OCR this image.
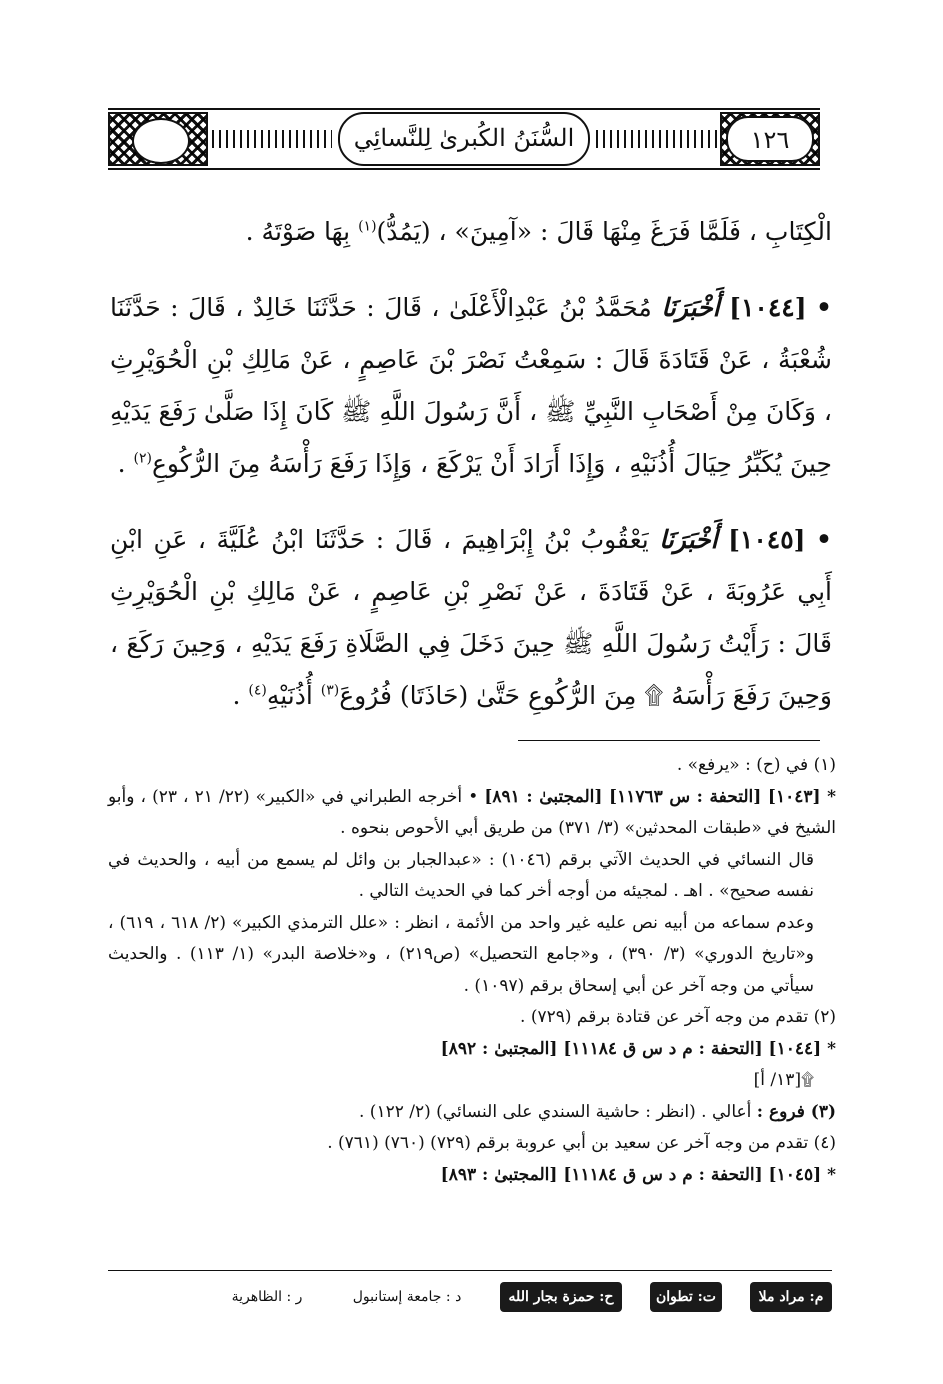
السُّنَنُ الكُبرىٰ لِلنَّسائِي	١٢٦

الْكِتَابِ ، فَلَمَّا فَرَغَ مِنْهَا قَالَ : «آمِينَ» ، (يَمُدُّ)$^{(١)}$ بِهَا صَوْتَهُ .

• [١٠٤٤] أَخْبَرَنَا مُحَمَّدُ بْنُ عَبْدِالْأَعْلَىٰ ، قَالَ : حَدَّثَنَا خَالِدٌ ، قَالَ : حَدَّثَنَا شُعْبَةُ ، عَنْ قَتَادَةَ قَالَ : سَمِعْتُ نَصْرَ بْنَ عَاصِمٍ ، عَنْ مَالِكِ بْنِ الْحُوَيْرِثِ ، وَكَانَ مِنْ أَصْحَابِ النَّبِيِّ ﷺ ، أَنَّ رَسُولَ اللَّهِ ﷺ كَانَ إِذَا صَلَّىٰ رَفَعَ يَدَيْهِ حِينَ يُكَبِّرُ حِيَالَ أُذُنَيْهِ ، وَإِذَا أَرَادَ أَنْ يَرْكَعَ ، وَإِذَا رَفَعَ رَأْسَهُ مِنَ الرُّكُوعِ$^{(٢)}$ .

• [١٠٤٥] أَخْبَرَنَا يَعْقُوبُ بْنُ إِبْرَاهِيمَ ، قَالَ : حَدَّثَنَا ابْنُ عُلَيَّةَ ، عَنِ ابْنِ أَبِي عَرُوبَةَ ، عَنْ قَتَادَةَ ، عَنْ نَصْرِ بْنِ عَاصِمٍ ، عَنْ مَالِكِ بْنِ الْحُوَيْرِثِ قَالَ : رَأَيْتُ رَسُولَ اللَّهِ ﷺ حِينَ دَخَلَ فِي الصَّلَاةِ رَفَعَ يَدَيْهِ ، وَحِينَ رَكَعَ ، وَحِينَ رَفَعَ رَأْسَهُ ۩ مِنَ الرُّكُوعِ حَتَّىٰ (حَاذَتَا) فُرُوعَ$^{(٣)}$ أُذُنَيْهِ$^{(٤)}$ .

(١) في (ح) : «يرفع» .

* [١٠٤٣] [التحفة : س ١١٧٦٣] [المجتبىٰ : ٨٩١] • أخرجه الطبراني في «الكبير» (٢٢/ ٢١ ، ٢٣) ، وأبو الشيخ في «طبقات المحدثين» (٣/ ٣٧١) من طريق أبي الأحوص بنحوه .

قال النسائي في الحديث الآتي برقم (١٠٤٦) : «عبدالجبار بن وائل لم يسمع من أبيه ، والحديث في نفسه صحيح» . اهـ . لمجيئه من أوجه أخر كما في الحديث التالي .

وعدم سماعه من أبيه نص عليه غير واحد من الأئمة ، انظر : «علل الترمذي الكبير» (٢/ ٦١٨ ، ٦١٩) ، و«تاريخ الدوري» (٣/ ٣٩٠) ، و«جامع التحصيل» (ص٢١٩) ، و«خلاصة البدر» (١/ ١١٣) . والحديث سيأتي من وجه آخر عن أبي إسحاق برقم (١٠٩٧) .

(٢) تقدم من وجه آخر عن قتادة برقم (٧٢٩) .

* [١٠٤٤] [التحفة : م د س ق ١١١٨٤] [المجتبىٰ : ٨٩٢]

۩[١٣/ أ]

(٣) فروع : أعالي . (انظر : حاشية السندي على النسائي) (٢/ ١٢٢) .

(٤) تقدم من وجه آخر عن سعيد بن أبي عروبة برقم (٧٢٩) (٧٦٠) (٧٦١) .

* [١٠٤٥] [التحفة : م د س ق ١١١٨٤] [المجتبىٰ : ٨٩٣]

م: مراد ملا
ت: تطوان
ح: حمزة بجار الله
د : جامعة إستانبول
ر : الظاهرية
